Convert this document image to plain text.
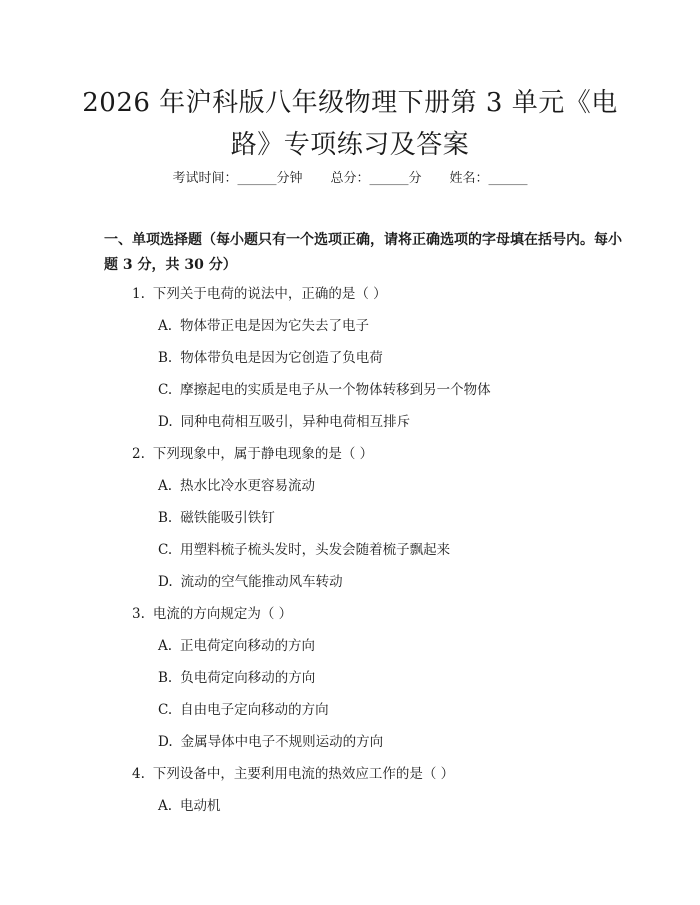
2026 年沪科版八年级物理下册第 3 单元《电
路》专项练习及答案
考试时间：______分钟 总分：______分 姓名：______
一、单项选择题（每小题只有一个选项正确，请将正确选项的字母填在括号内。每小题 3 分，共 30 分）
1. 下列关于电荷的说法中，正确的是（ ）
A. 物体带正电是因为它失去了电子
B. 物体带负电是因为它创造了负电荷
C. 摩擦起电的实质是电子从一个物体转移到另一个物体
D. 同种电荷相互吸引，异种电荷相互排斥
2. 下列现象中，属于静电现象的是（ ）
A. 热水比冷水更容易流动
B. 磁铁能吸引铁钉
C. 用塑料梳子梳头发时，头发会随着梳子飘起来
D. 流动的空气能推动风车转动
3. 电流的方向规定为（ ）
A. 正电荷定向移动的方向
B. 负电荷定向移动的方向
C. 自由电子定向移动的方向
D. 金属导体中电子不规则运动的方向
4. 下列设备中，主要利用电流的热效应工作的是（ ）
A. 电动机
